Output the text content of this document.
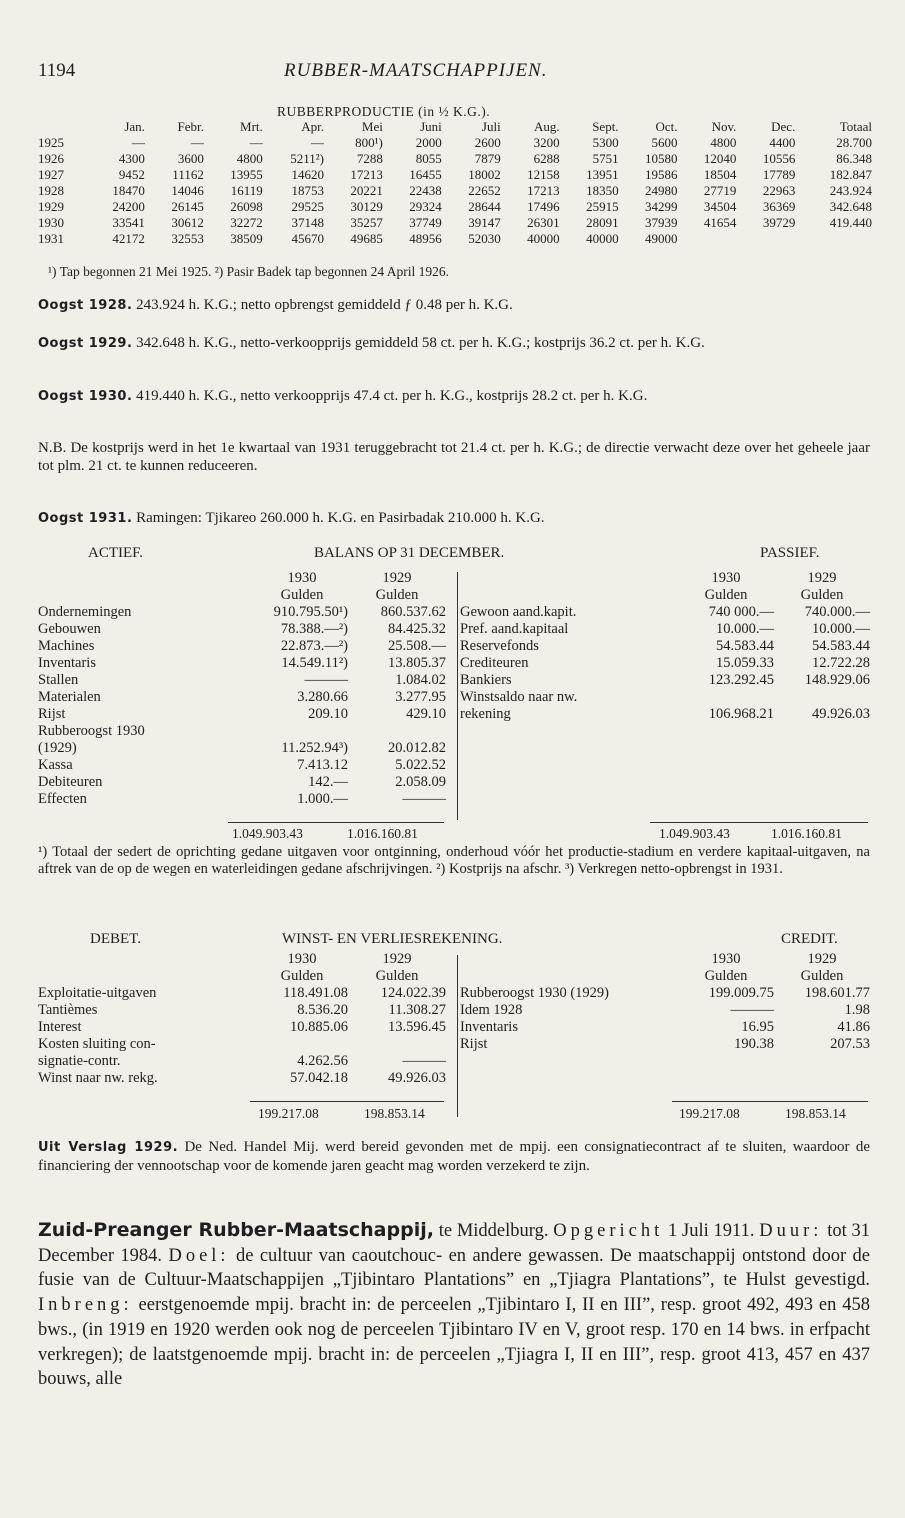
1194	RUBBER-MAATSCHAPPIJEN.
RUBBERPRODUCTIE (in ½ K.G.).
	Jan.	Febr.	Mrt.	Apr.	Mei	Juni	Juli	Aug.	Sept.	Oct.	Nov.	Dec.	Totaal
1925	—	—	—	—	800¹)	2000	2600	3200	5300	5600	4800	4400	28.700
1926	4300	3600	4800	5211²)	7288	8055	7879	6288	5751	10580	12040	10556	86.348
1927	9452	11162	13955	14620	17213	16455	18002	12158	13951	19586	18504	17789	182.847
1928	18470	14046	16119	18753	20221	22438	22652	17213	18350	24980	27719	22963	243.924
1929	24200	26145	26098	29525	30129	29324	28644	17496	25915	34299	34504	36369	342.648
1930	33541	30612	32272	37148	35257	37749	39147	26301	28091	37939	41654	39729	419.440
1931	42172	32553	38509	45670	49685	48956	52030	40000	40000	49000			
¹) Tap begonnen 21 Mei 1925. ²) Pasir Badek tap begonnen 24 April 1926.
Oogst 1928. 243.924 h. K.G.; netto opbrengst gemiddeld ƒ 0.48 per h. K.G.
Oogst 1929. 342.648 h. K.G., netto-verkoopprijs gemiddeld 58 ct. per h. K.G.; kostprijs 36.2 ct. per h. K.G.
Oogst 1930. 419.440 h. K.G., netto verkoopprijs 47.4 ct. per h. K.G., kostprijs 28.2 ct. per h. K.G.
N.B. De kostprijs werd in het 1e kwartaal van 1931 teruggebracht tot 21.4 ct. per h. K.G.; de directie verwacht deze over het geheele jaar tot plm. 21 ct. te kunnen reduceeren.
Oogst 1931. Ramingen: Tjikareo 260.000 h. K.G. en Pasirbadak 210.000 h. K.G.
ACTIEF.	BALANS OP 31 DECEMBER.	PASSIEF.
	1930	1929
	Gulden	Gulden
Ondernemingen	910.795.50¹)	860.537.62
Gebouwen	78.388.—²)	84.425.32
Machines	22.873.—²)	25.508.—
Inventaris	14.549.11²)	13.805.37
Stallen	———	1.084.02
Materialen	3.280.66	3.277.95
Rijst	209.10	429.10
Rubberoogst 1930		
(1929)	11.252.94³)	20.012.82
Kassa	7.413.12	5.022.52
Debiteuren	142.—	2.058.09
Effecten	1.000.—	———
	1930	1929
	Gulden	Gulden
Gewoon aand.kapit.	740 000.—	740.000.—
Pref. aand.kapitaal	10.000.—	10.000.—
Reservefonds	54.583.44	54.583.44
Crediteuren	15.059.33	12.722.28
Bankiers	123.292.45	148.929.06
Winstsaldo naar nw.		
rekening	106.968.21	49.926.03
1.049.903.43	1.016.160.81	1.049.903.43	1.016.160.81
¹) Totaal der sedert de oprichting gedane uitgaven voor ontginning, onderhoud vóór het productie-stadium en verdere kapitaal-uitgaven, na aftrek van de op de wegen en waterleidingen gedane afschrijvingen. ²) Kostprijs na afschr. ³) Verkregen netto-opbrengst in 1931.
DEBET.	WINST- EN VERLIESREKENING.	CREDIT.
	1930	1929
	Gulden	Gulden
Exploitatie-uitgaven	118.491.08	124.022.39
Tantièmes	8.536.20	11.308.27
Interest	10.885.06	13.596.45
Kosten sluiting con-		
signatie-contr.	4.262.56	———
Winst naar nw. rekg.	57.042.18	49.926.03
	1930	1929
	Gulden	Gulden
Rubberoogst 1930 (1929)	199.009.75	198.601.77
Idem 1928	———	1.98
Inventaris	16.95	41.86
Rijst	190.38	207.53
199.217.08	198.853.14	199.217.08	198.853.14
Uit Verslag 1929. De Ned. Handel Mij. werd bereid gevonden met de mpij. een consignatiecontract af te sluiten, waardoor de financiering der vennootschap voor de komende jaren geacht mag worden verzekerd te zijn.
Zuid-Preanger Rubber-Maatschappij, te Middelburg. Opgericht 1 Juli 1911. Duur: tot 31 December 1984. Doel: de cultuur van caoutchouc- en andere gewassen. De maatschappij ontstond door de fusie van de Cultuur-Maatschappijen „Tjibintaro Plantations” en „Tjiagra Plantations”, te Hulst gevestigd. Inbreng: eerstgenoemde mpij. bracht in: de perceelen „Tjibintaro I, II en III”, resp. groot 492, 493 en 458 bws., (in 1919 en 1920 werden ook nog de perceelen Tjibintaro IV en V, groot resp. 170 en 14 bws. in erfpacht verkregen); de laatstgenoemde mpij. bracht in: de perceelen „Tjiagra I, II en III”, resp. groot 413, 457 en 437 bouws, alle
